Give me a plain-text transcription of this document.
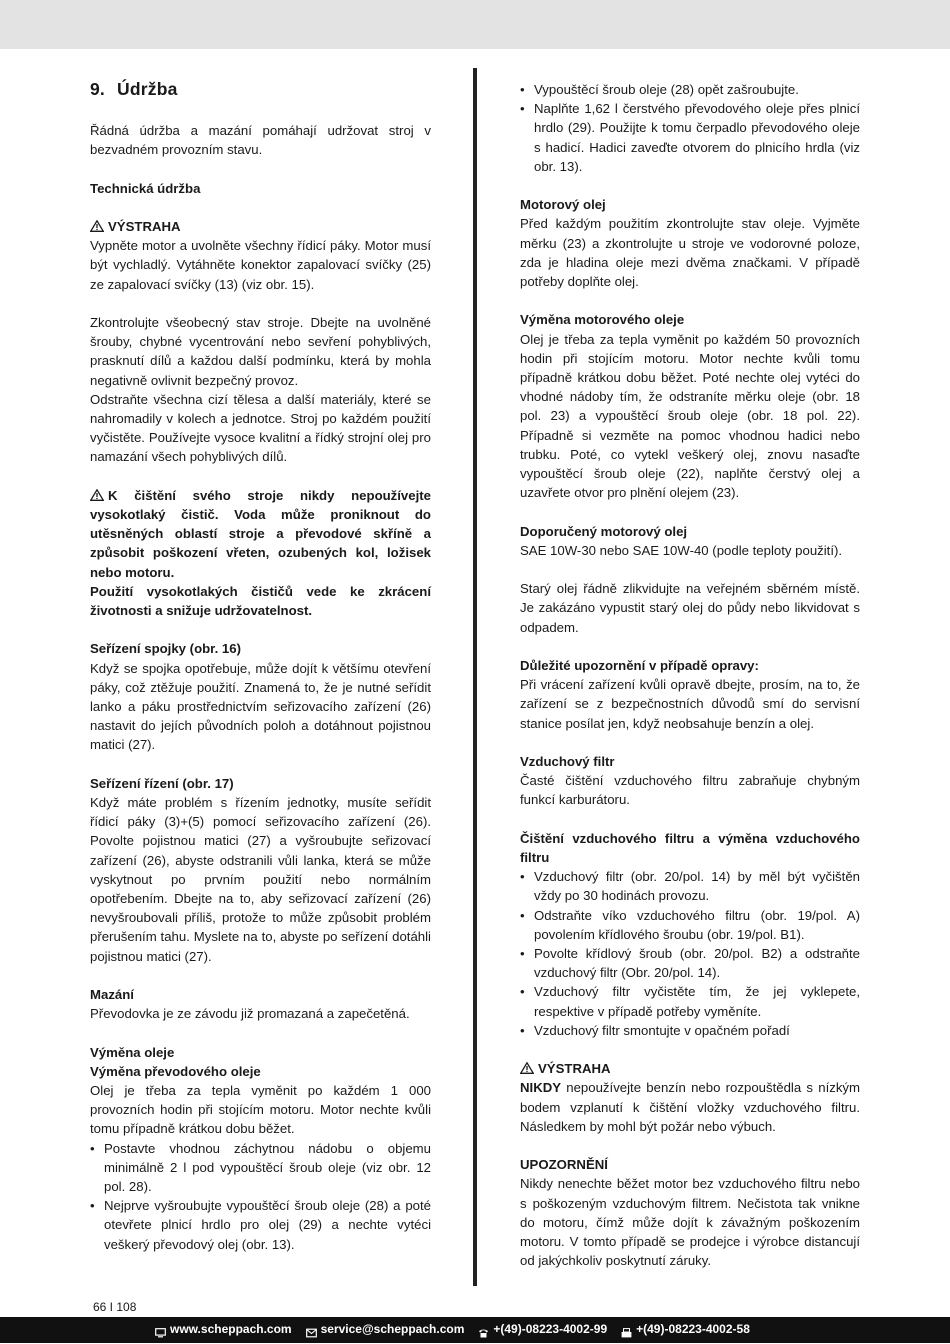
9. Údržba

Řádná údržba a mazání pomáhají udržovat stroj v bezvadném provozním stavu.

Technická údržba

VÝSTRAHA

Vypněte motor a uvolněte všechny řídicí páky. Motor musí být vychladlý. Vytáhněte konektor zapalovací svíčky (25) ze zapalovací svíčky (13) (viz obr. 15).

Zkontrolujte všeobecný stav stroje. Dbejte na uvolněné šrouby, chybné vycentrování nebo sevření pohyblivých, prasknutí dílů a každou další podmínku, která by mohla negativně ovlivnit bezpečný provoz.

Odstraňte všechna cizí tělesa a další materiály, které se nahromadily v kolech a jednotce. Stroj po každém použití vyčistěte. Používejte vysoce kvalitní a řídký strojní olej pro namazání všech pohyblivých dílů.

K čištění svého stroje nikdy nepoužívejte vysokotlaký čistič. Voda může proniknout do utěsněných oblastí stroje a převodové skříně a způsobit poškození vřeten, ozubených kol, ložisek nebo motoru.

Použití vysokotlakých čističů vede ke zkrácení životnosti a snižuje udržovatelnost.

Seřízení spojky (obr. 16)

Když se spojka opotřebuje, může dojít k většímu otevření páky, což ztěžuje použití. Znamená to, že je nutné seřídit lanko a páku prostřednictvím seřizovacího zařízení (26) nastavit do jejích původních poloh a dotáhnout pojistnou matici (27).

Seřízení řízení (obr. 17)

Když máte problém s řízením jednotky, musíte seřídit řídicí páky (3)+(5) pomocí seřizovacího zařízení (26). Povolte pojistnou matici (27) a vyšroubujte seřizovací zařízení (26), abyste odstranili vůli lanka, která se může vyskytnout po prvním použití nebo normálním opotřebením. Dbejte na to, aby seřizovací zařízení (26) nevyšroubovali příliš, protože to může způsobit problém přerušením tahu. Myslete na to, abyste po seřízení dotáhli pojistnou matici (27).

Mazání

Převodovka je ze závodu již promazaná a zapečetěná.

Výměna oleje

Výměna převodového oleje

Olej je třeba za tepla vyměnit po každém 1 000 provozních hodin při stojícím motoru. Motor nechte kvůli tomu případně krátkou dobu běžet.

• Postavte vhodnou záchytnou nádobu o objemu minimálně 2 l pod vypouštěcí šroub oleje (viz obr. 12 pol. 28).
• Nejprve vyšroubujte vypouštěcí šroub oleje (28) a poté otevřete plnicí hrdlo pro olej (29) a nechte vytéci veškerý převodový olej (obr. 13).
• Vypouštěcí šroub oleje (28) opět zašroubujte.
• Naplňte 1,62 l čerstvého převodového oleje přes plnicí hrdlo (29). Použijte k tomu čerpadlo převodového oleje s hadicí. Hadici zaveďte otvorem do plnicího hrdla (viz obr. 13).

Motorový olej

Před každým použitím zkontrolujte stav oleje. Vyjměte měrku (23) a zkontrolujte u stroje ve vodorovné poloze, zda je hladina oleje mezi dvěma značkami. V případě potřeby doplňte olej.

Výměna motorového oleje

Olej je třeba za tepla vyměnit po každém 50 provozních hodin při stojícím motoru. Motor nechte kvůli tomu případně krátkou dobu běžet. Poté nechte olej vytéci do vhodné nádoby tím, že odstraníte měrku oleje (obr. 18 pol. 23) a vypouštěcí šroub oleje (obr. 18 pol. 22). Případně si vezměte na pomoc vhodnou hadici nebo trubku. Poté, co vytekl veškerý olej, znovu nasaďte vypouštěcí šroub oleje (22), naplňte čerstvý olej a uzavřete otvor pro plnění olejem (23).

Doporučený motorový olej

SAE 10W-30 nebo SAE 10W-40 (podle teploty použití).

Starý olej řádně zlikvidujte na veřejném sběrném místě. Je zakázáno vypustit starý olej do půdy nebo likvidovat s odpadem.

Důležité upozornění v případě opravy:

Při vrácení zařízení kvůli opravě dbejte, prosím, na to, že zařízení se z bezpečnostních důvodů smí do servisní stanice posílat jen, když neobsahuje benzín a olej.

Vzduchový filtr

Časté čištění vzduchového filtru zabraňuje chybným funkcí karburátoru.

Čištění vzduchového filtru a výměna vzduchového filtru

• Vzduchový filtr (obr. 20/pol. 14) by měl být vyčištěn vždy po 30 hodinách provozu.
• Odstraňte víko vzduchového filtru (obr. 19/pol. A) povolením křídlového šroubu (obr. 19/pol. B1).
• Povolte křídlový šroub (obr. 20/pol. B2) a odstraňte vzduchový filtr (Obr. 20/pol. 14).
• Vzduchový filtr vyčistěte tím, že jej vyklepete, respektive v případě potřeby vyměníte.
• Vzduchový filtr smontujte v opačném pořadí

VÝSTRAHA

NIKDY nepoužívejte benzín nebo rozpouštědla s nízkým bodem vzplanutí k čištění vložky vzduchového filtru. Následkem by mohl být požár nebo výbuch.

UPOZORNĚNÍ

Nikdy nenechte běžet motor bez vzduchového filtru nebo s poškozeným vzduchovým filtrem. Nečistota tak vnikne do motoru, čímž může dojít k závažným poškozením motoru. V tomto případě se prodejce i výrobce distancují od jakýchkoliv poskytnutí záruky.

66 I 108
www.scheppach.com service@scheppach.com +(49)-08223-4002-99 +(49)-08223-4002-58
